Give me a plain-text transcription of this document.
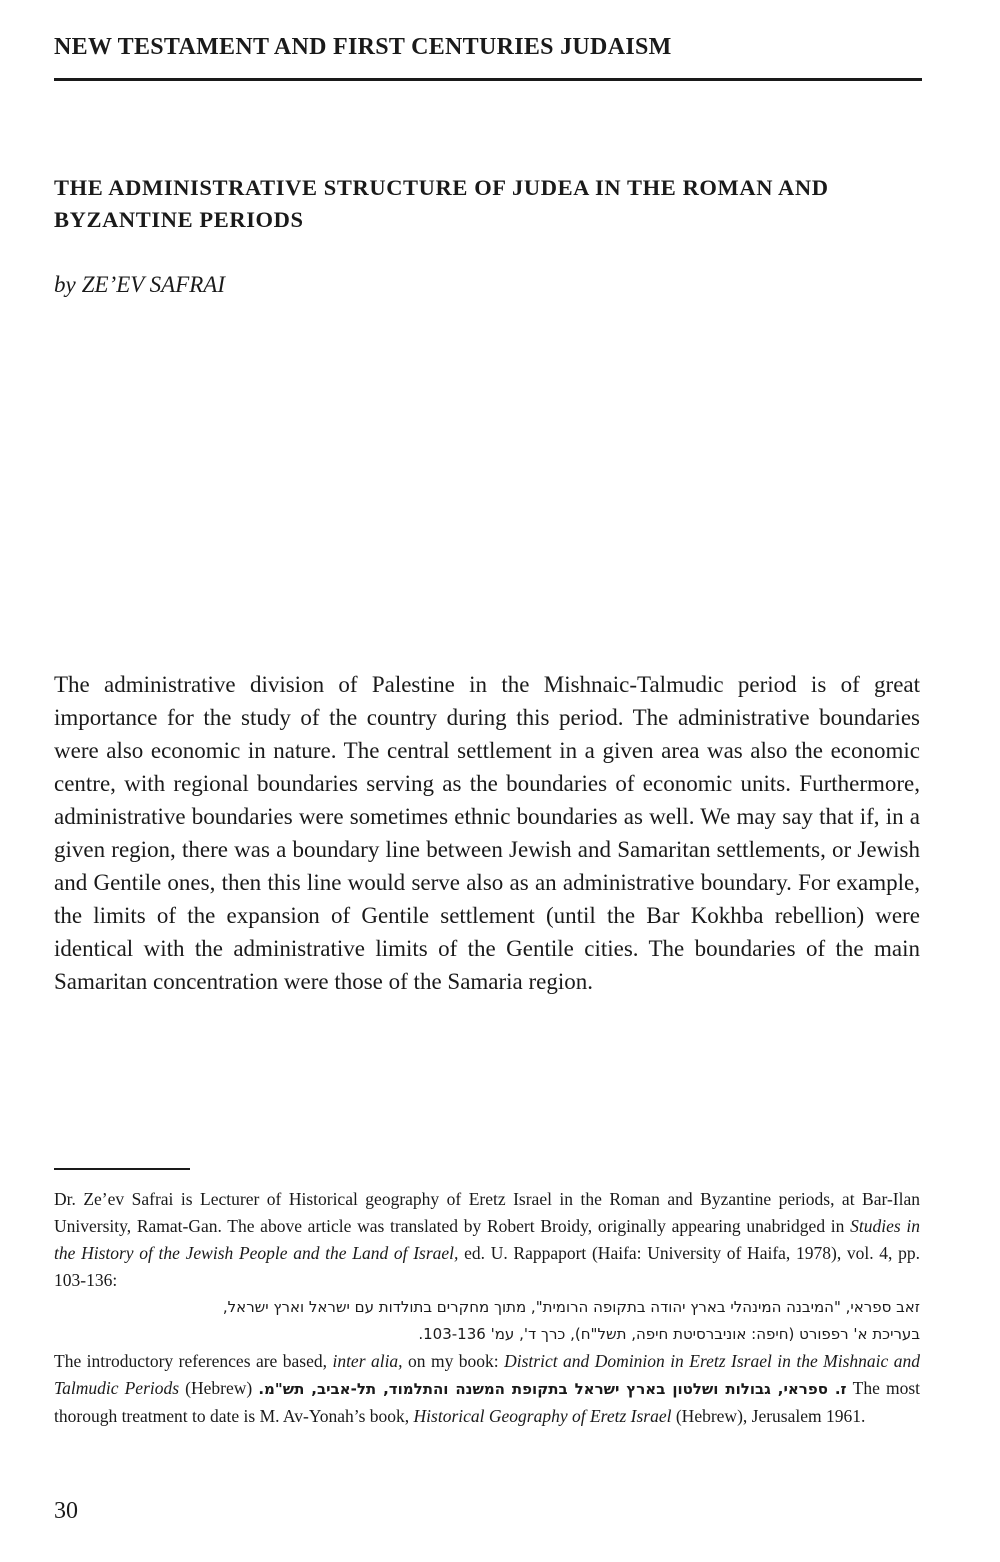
NEW TESTAMENT AND FIRST CENTURIES JUDAISM
THE ADMINISTRATIVE STRUCTURE OF JUDEA IN THE ROMAN AND BYZANTINE PERIODS
by ZE’EV SAFRAI

The administrative division of Palestine in the Mishnaic-Talmudic period is of great importance for the study of the country during this period. The administrative boundaries were also economic in nature. The central settlement in a given area was also the economic centre, with regional boundaries serving as the boundaries of economic units. Furthermore, administrative boundaries were sometimes ethnic boundaries as well. We may say that if, in a given region, there was a boundary line between Jewish and Samaritan settlements, or Jewish and Gentile ones, then this line would serve also as an administrative boundary. For example, the limits of the expansion of Gentile settlement (until the Bar Kokhba rebellion) were identical with the administrative limits of the Gentile cities. The boundaries of the main Samaritan concentration were those of the Samaria region.

Dr. Ze’ev Safrai is Lecturer of Historical geography of Eretz Israel in the Roman and Byzantine periods, at Bar-Ilan University, Ramat-Gan. The above article was translated by Robert Broidy, originally appearing unabridged in Studies in the History of the Jewish People and the Land of Israel, ed. U. Rappaport (Haifa: University of Haifa, 1978), vol. 4, pp. 103-136:

זאב ספראי, "המיבנה המינהלי בארץ יהודה בתקופה הרומית", מתוך מחקרים בתולדות עם ישראל וארץ ישראל,

בעריכת א' רפפורט (חיפה: אוניברסיטת חיפה, תשל"ח), כרך ד', עמ' 103-136.

The introductory references are based, inter alia, on my book: District and Dominion in Eretz Israel in the Mishnaic and Talmudic Periods (Hebrew) ז. ספראי, גבולות ושלטון בארץ ישראל בתקופת המשנה והתלמוד, תל-אביב, תש"מ. The most thorough treatment to date is M. Av-Yonah’s book, Historical Geography of Eretz Israel (Hebrew), Jerusalem 1961.

30
